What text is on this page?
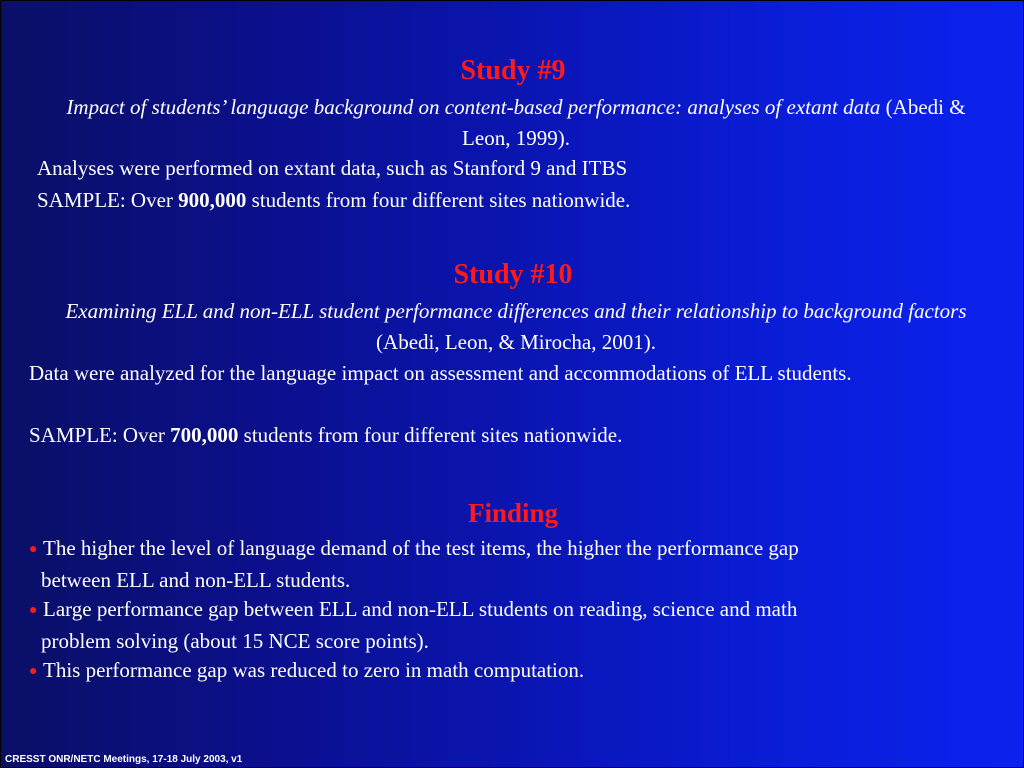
Study #9
Impact of students’ language background on content-based performance: analyses of extant data (Abedi & Leon, 1999).
Analyses were performed on extant data, such as Stanford 9 and ITBS
SAMPLE: Over 900,000 students from four different sites nationwide.
Study #10
Examining ELL and non-ELL student performance differences and their relationship to background factors (Abedi, Leon, & Mirocha, 2001).
Data were analyzed for the language impact on assessment and accommodations of ELL students.
SAMPLE: Over 700,000 students from four different sites nationwide.
Finding
● The higher the level of language demand of the test items, the higher the performance gap
between ELL and non-ELL students.
● Large performance gap between ELL and non-ELL students on reading, science and math
problem solving (about 15 NCE score points).
● This performance gap was reduced to zero in math computation.
CRESST ONR/NETC Meetings, 17-18 July 2003, v1
